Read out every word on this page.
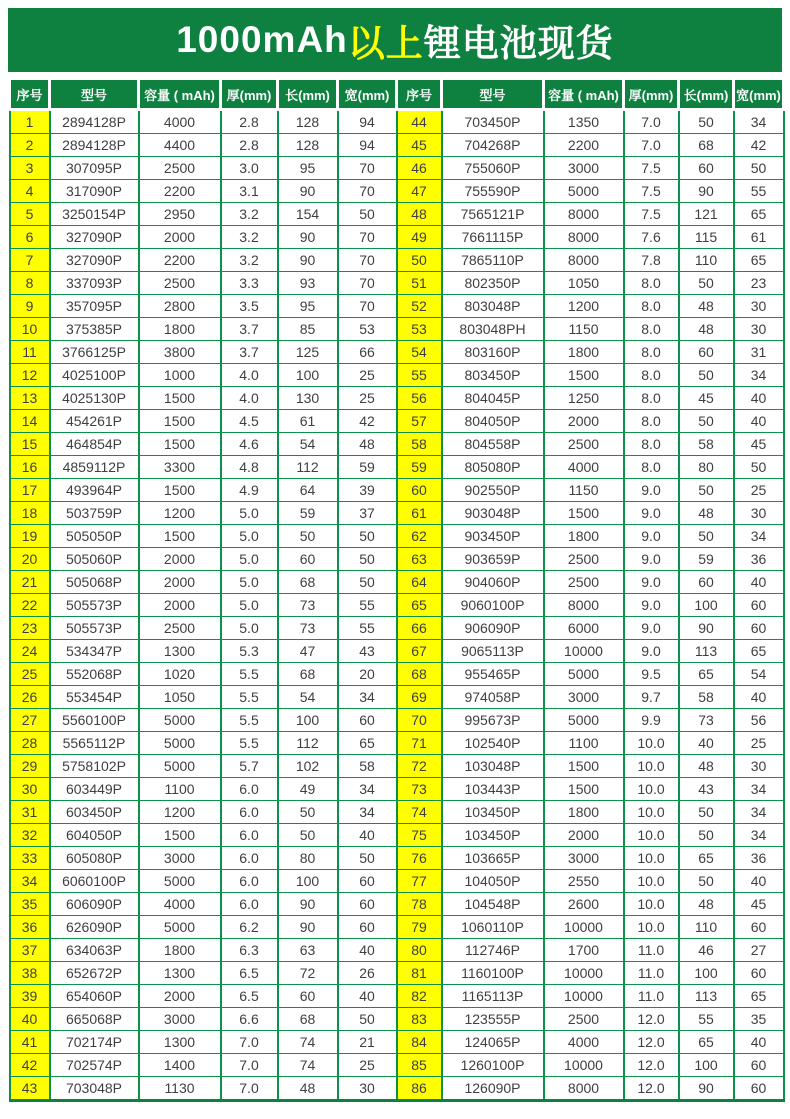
1000mAh 以上 锂电池现货
序号	型号	容量 ( mAh)	厚(mm)	长(mm)	宽(mm)	序号	型号	容量 ( mAh)	厚(mm)	长(mm)	宽(mm)
1	2894128P	4000	2.8	128	94	44	703450P	1350	7.0	50	34
2	2894128P	4400	2.8	128	94	45	704268P	2200	7.0	68	42
3	307095P	2500	3.0	95	70	46	755060P	3000	7.5	60	50
4	317090P	2200	3.1	90	70	47	755590P	5000	7.5	90	55
5	3250154P	2950	3.2	154	50	48	7565121P	8000	7.5	121	65
6	327090P	2000	3.2	90	70	49	7661115P	8000	7.6	115	61
7	327090P	2200	3.2	90	70	50	7865110P	8000	7.8	110	65
8	337093P	2500	3.3	93	70	51	802350P	1050	8.0	50	23
9	357095P	2800	3.5	95	70	52	803048P	1200	8.0	48	30
10	375385P	1800	3.7	85	53	53	803048PH	1150	8.0	48	30
11	3766125P	3800	3.7	125	66	54	803160P	1800	8.0	60	31
12	4025100P	1000	4.0	100	25	55	803450P	1500	8.0	50	34
13	4025130P	1500	4.0	130	25	56	804045P	1250	8.0	45	40
14	454261P	1500	4.5	61	42	57	804050P	2000	8.0	50	40
15	464854P	1500	4.6	54	48	58	804558P	2500	8.0	58	45
16	4859112P	3300	4.8	112	59	59	805080P	4000	8.0	80	50
17	493964P	1500	4.9	64	39	60	902550P	1150	9.0	50	25
18	503759P	1200	5.0	59	37	61	903048P	1500	9.0	48	30
19	505050P	1500	5.0	50	50	62	903450P	1800	9.0	50	34
20	505060P	2000	5.0	60	50	63	903659P	2500	9.0	59	36
21	505068P	2000	5.0	68	50	64	904060P	2500	9.0	60	40
22	505573P	2000	5.0	73	55	65	9060100P	8000	9.0	100	60
23	505573P	2500	5.0	73	55	66	906090P	6000	9.0	90	60
24	534347P	1300	5.3	47	43	67	9065113P	10000	9.0	113	65
25	552068P	1020	5.5	68	20	68	955465P	5000	9.5	65	54
26	553454P	1050	5.5	54	34	69	974058P	3000	9.7	58	40
27	5560100P	5000	5.5	100	60	70	995673P	5000	9.9	73	56
28	5565112P	5000	5.5	112	65	71	102540P	1100	10.0	40	25
29	5758102P	5000	5.7	102	58	72	103048P	1500	10.0	48	30
30	603449P	1100	6.0	49	34	73	103443P	1500	10.0	43	34
31	603450P	1200	6.0	50	34	74	103450P	1800	10.0	50	34
32	604050P	1500	6.0	50	40	75	103450P	2000	10.0	50	34
33	605080P	3000	6.0	80	50	76	103665P	3000	10.0	65	36
34	6060100P	5000	6.0	100	60	77	104050P	2550	10.0	50	40
35	606090P	4000	6.0	90	60	78	104548P	2600	10.0	48	45
36	626090P	5000	6.2	90	60	79	1060110P	10000	10.0	110	60
37	634063P	1800	6.3	63	40	80	112746P	1700	11.0	46	27
38	652672P	1300	6.5	72	26	81	1160100P	10000	11.0	100	60
39	654060P	2000	6.5	60	40	82	1165113P	10000	11.0	113	65
40	665068P	3000	6.6	68	50	83	123555P	2500	12.0	55	35
41	702174P	1300	7.0	74	21	84	124065P	4000	12.0	65	40
42	702574P	1400	7.0	74	25	85	1260100P	10000	12.0	100	60
43	703048P	1130	7.0	48	30	86	126090P	8000	12.0	90	60
